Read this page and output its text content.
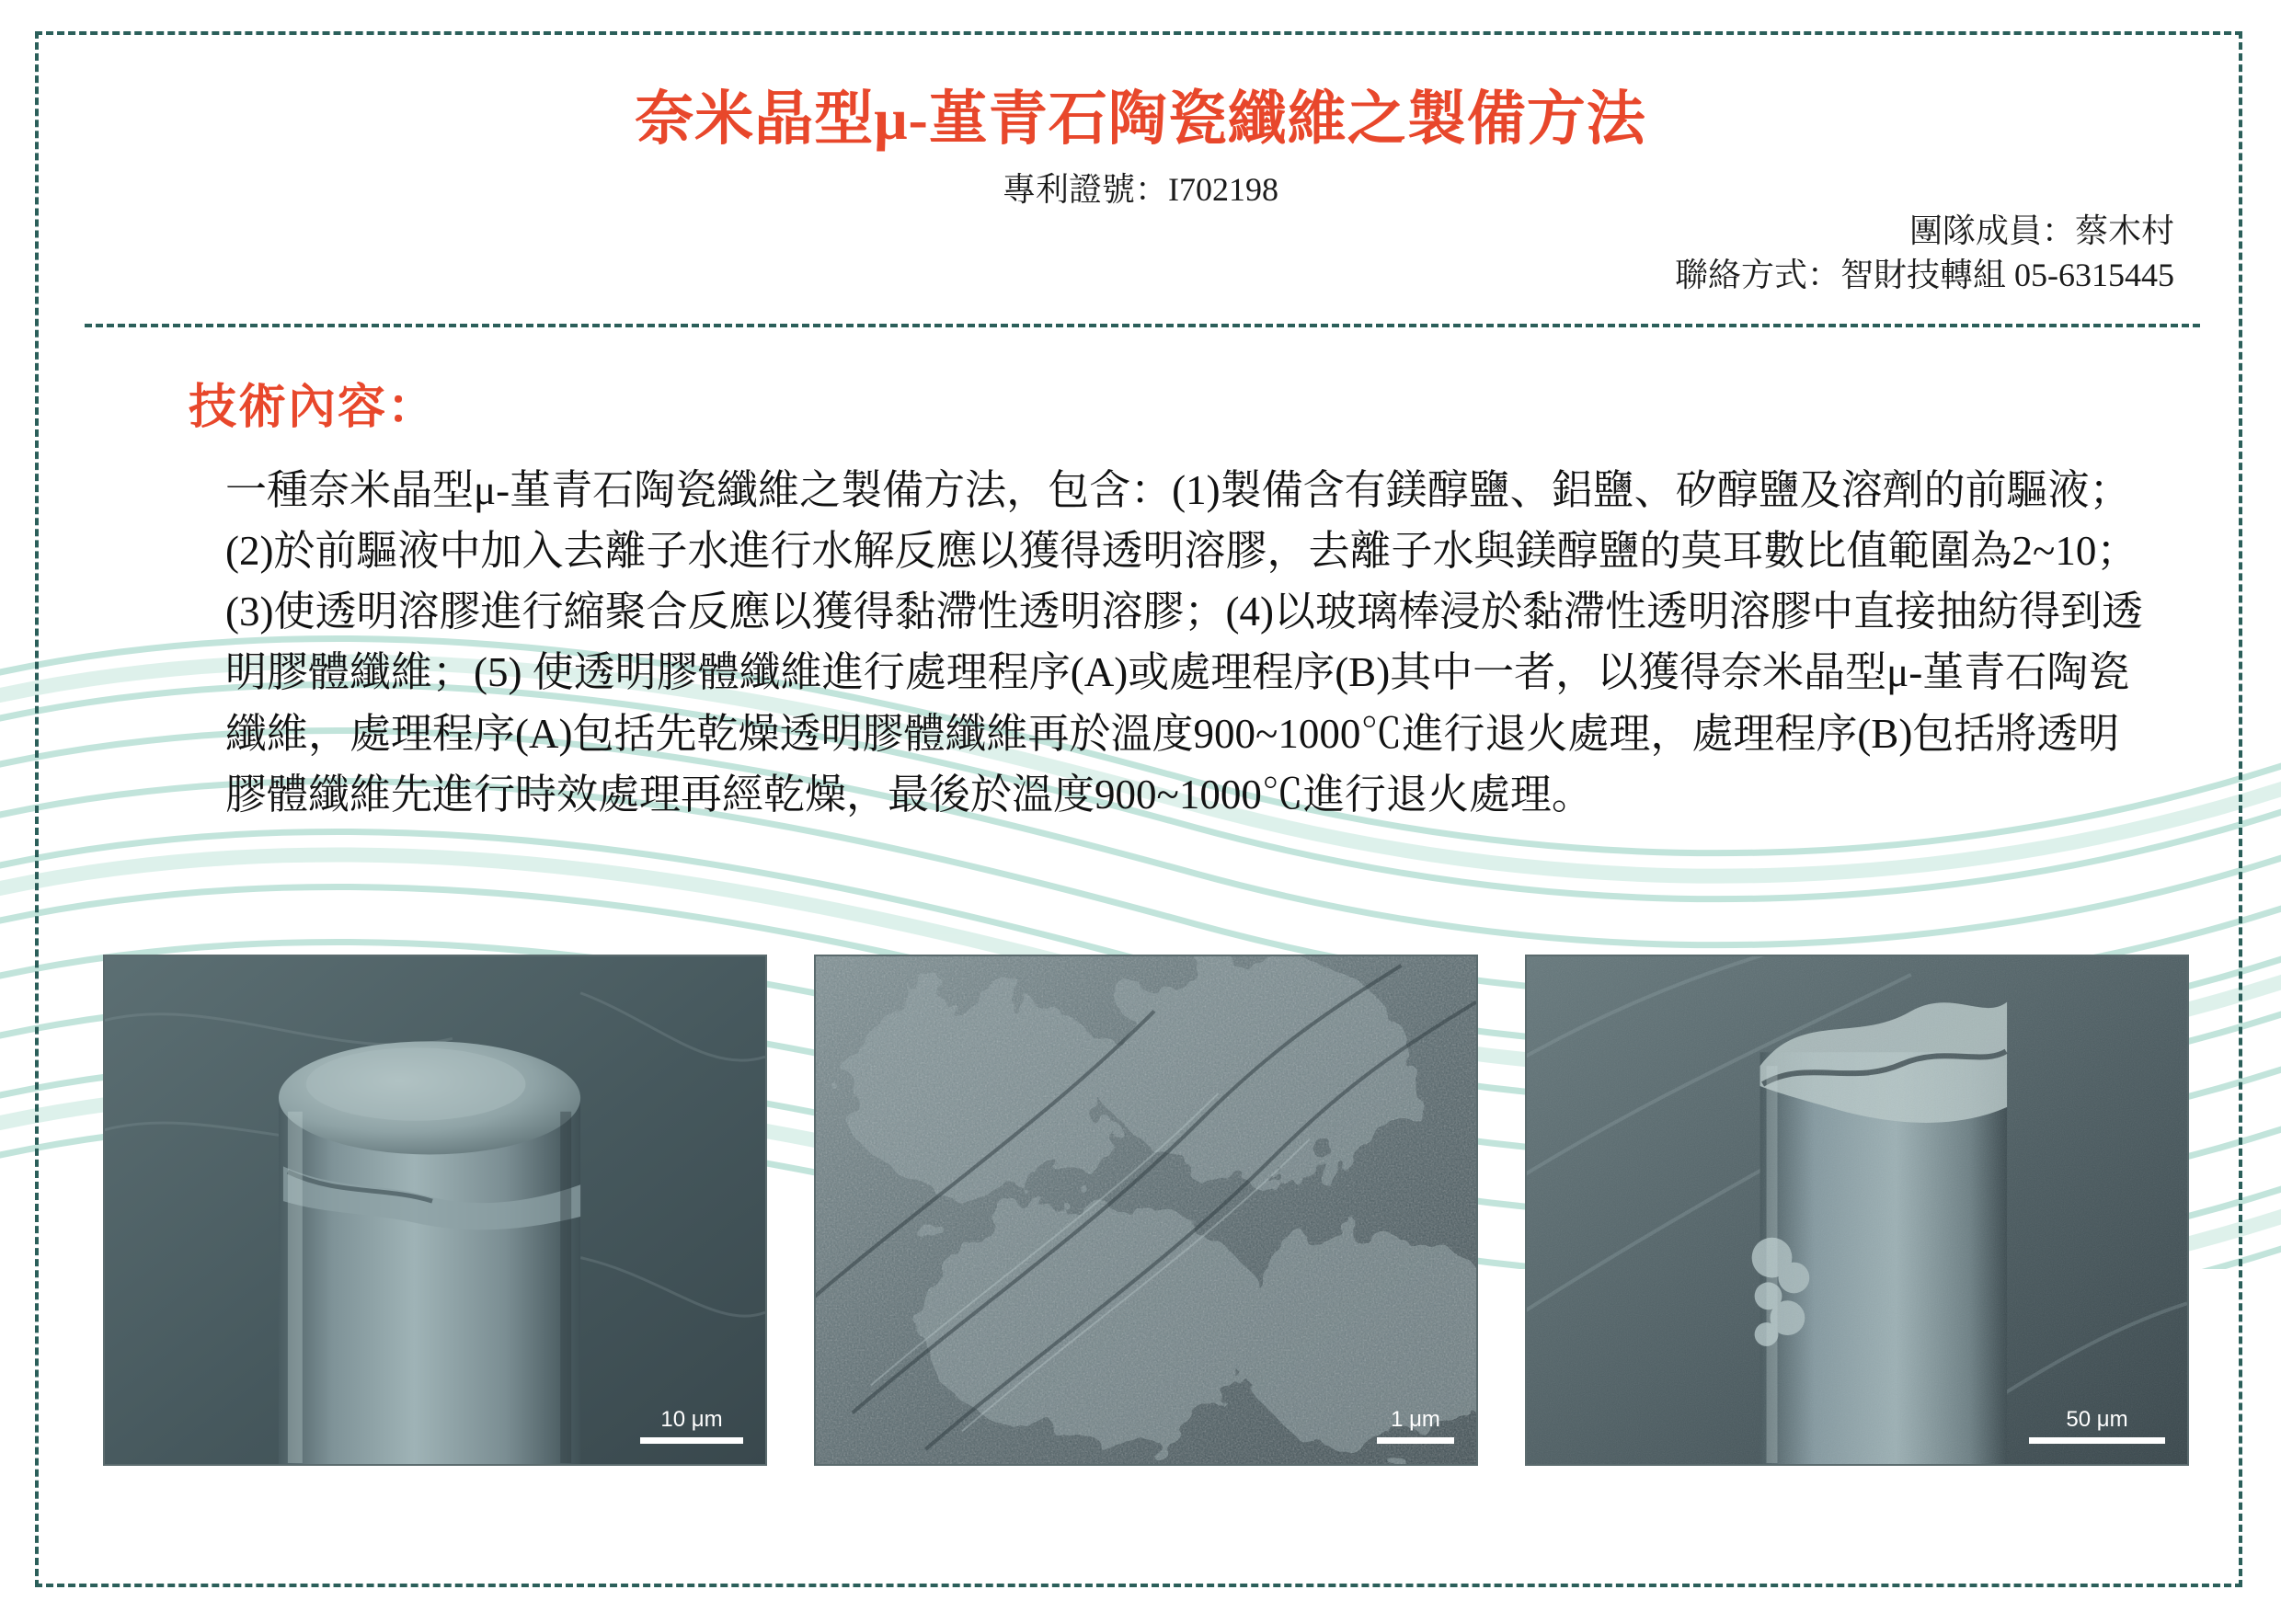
奈米晶型μ-堇青石陶瓷纖維之製備方法
專利證號：I702198
團隊成員：蔡木村
聯絡方式：智財技轉組 05-6315445
技術內容：
一種奈米晶型μ-堇青石陶瓷纖維之製備方法，包含：(1)製備含有鎂醇鹽、鋁鹽、矽醇鹽及溶劑的前驅液；(2)於前驅液中加入去離子水進行水解反應以獲得透明溶膠，去離子水與鎂醇鹽的莫耳數比值範圍為2~10；(3)使透明溶膠進行縮聚合反應以獲得黏滯性透明溶膠；(4)以玻璃棒浸於黏滯性透明溶膠中直接抽紡得到透明膠體纖維；(5) 使透明膠體纖維進行處理程序(A)或處理程序(B)其中一者，以獲得奈米晶型μ-堇青石陶瓷纖維，處理程序(A)包括先乾燥透明膠體纖維再於溫度900~1000℃進行退火處理，處理程序(B)包括將透明膠體纖維先進行時效處理再經乾燥，最後於溫度900~1000℃進行退火處理。
10 μm	1 μm	50 μm
